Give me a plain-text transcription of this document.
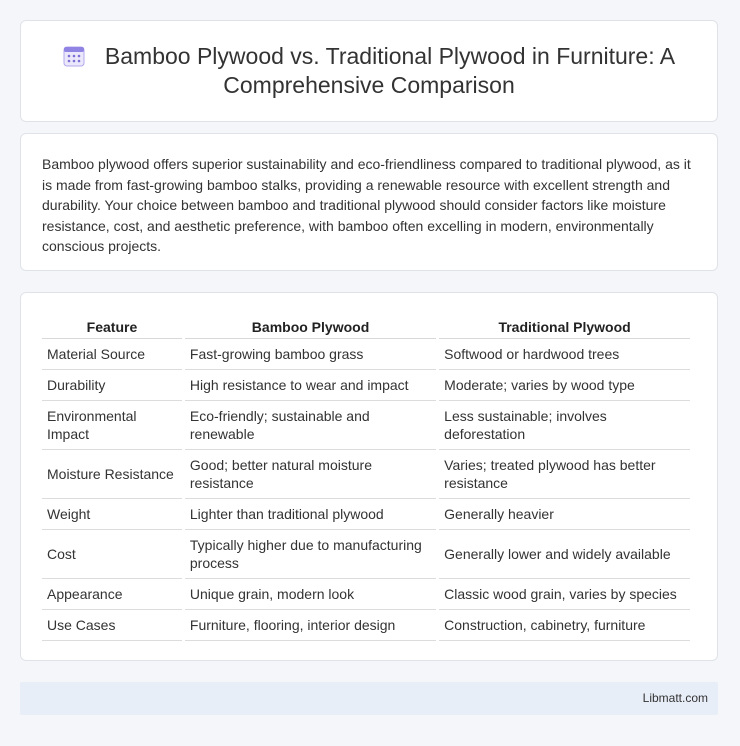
Bamboo Plywood vs. Traditional Plywood in Furniture: A Comprehensive Comparison

Bamboo plywood offers superior sustainability and eco-friendliness compared to traditional plywood, as it is made from fast-growing bamboo stalks, providing a renewable resource with excellent strength and durability. Your choice between bamboo and traditional plywood should consider factors like moisture resistance, cost, and aesthetic preference, with bamboo often excelling in modern, environmentally conscious projects.

Feature	Bamboo Plywood	Traditional Plywood
Material Source	Fast-growing bamboo grass	Softwood or hardwood trees
Durability	High resistance to wear and impact	Moderate; varies by wood type
Environmental Impact	Eco-friendly; sustainable and renewable	Less sustainable; involves deforestation
Moisture Resistance	Good; better natural moisture resistance	Varies; treated plywood has better resistance
Weight	Lighter than traditional plywood	Generally heavier
Cost	Typically higher due to manufacturing process	Generally lower and widely available
Appearance	Unique grain, modern look	Classic wood grain, varies by species
Use Cases	Furniture, flooring, interior design	Construction, cabinetry, furniture
Libmatt.com
